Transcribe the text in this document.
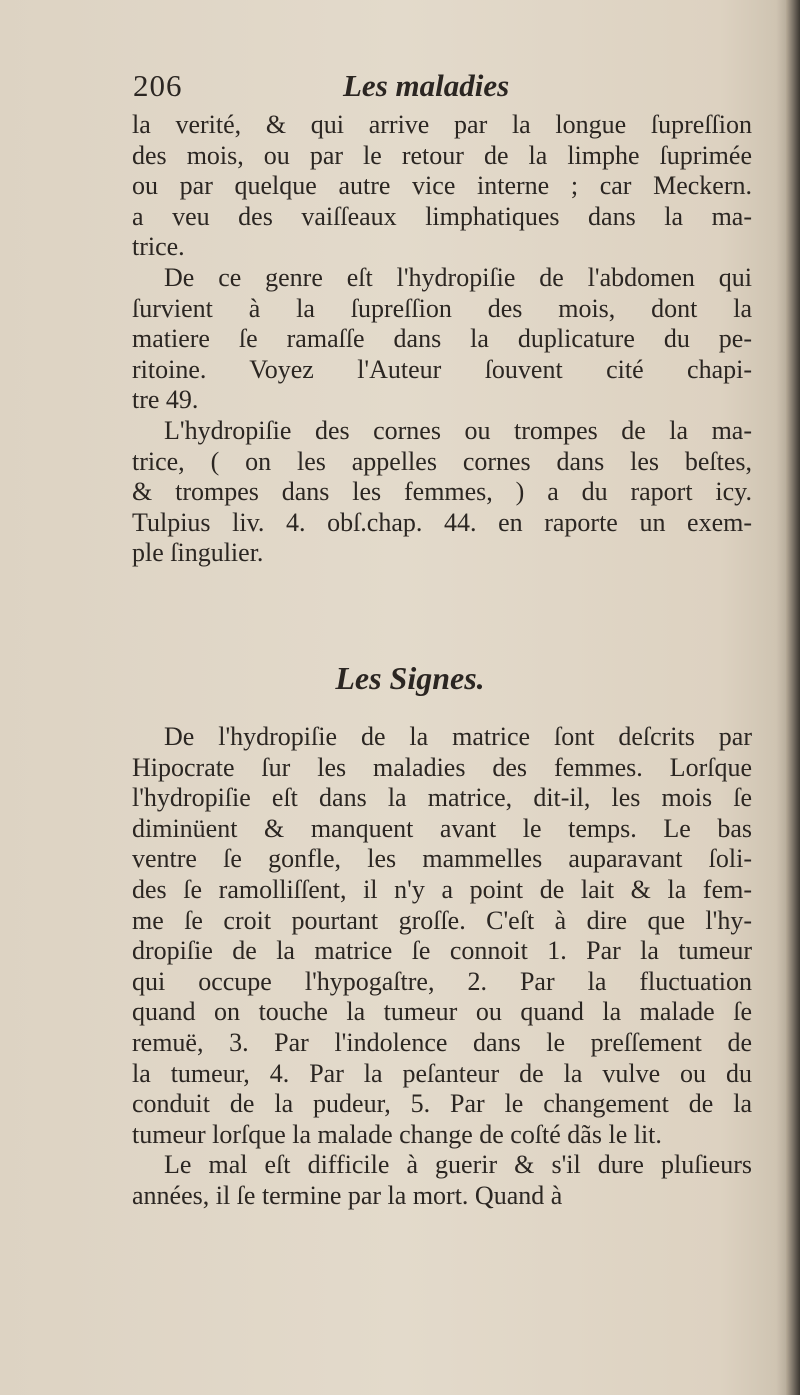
206	Les maladies
la verité, & qui arrive par la longue ſupreſſion
des mois, ou par le retour de la limphe ſuprimée
ou par quelque autre vice interne ; car Meckern.
a veu des vaiſſeaux limphatiques dans la ma-
trice.
De ce genre eſt l'hydropiſie de l'abdomen qui
ſurvient à la ſupreſſion des mois, dont la
matiere ſe ramaſſe dans la duplicature du pe-
ritoine. Voyez l'Auteur ſouvent cité chapi-
tre 49.
L'hydropiſie des cornes ou trompes de la ma-
trice, ( on les appelles cornes dans les beſtes,
& trompes dans les femmes, ) a du raport icy.
Tulpius liv. 4. obſ.chap. 44. en raporte un exem-
ple ſingulier.
Les Signes.
De l'hydropiſie de la matrice ſont deſcrits par
Hipocrate ſur les maladies des femmes. Lorſque
l'hydropiſie eſt dans la matrice, dit-il, les mois ſe
diminüent & manquent avant le temps. Le bas
ventre ſe gonfle, les mammelles auparavant ſoli-
des ſe ramolliſſent, il n'y a point de lait & la fem-
me ſe croit pourtant groſſe. C'eſt à dire que l'hy-
dropiſie de la matrice ſe connoit 1. Par la tumeur
qui occupe l'hypogaſtre, 2. Par la fluctuation
quand on touche la tumeur ou quand la malade ſe
remuë, 3. Par l'indolence dans le preſſement de
la tumeur, 4. Par la peſanteur de la vulve ou du
conduit de la pudeur, 5. Par le changement de la
tumeur lorſque la malade change de coſté dãs le lit.
Le mal eſt difficile à guerir & s'il dure pluſieurs
années, il ſe termine par la mort. Quand à
